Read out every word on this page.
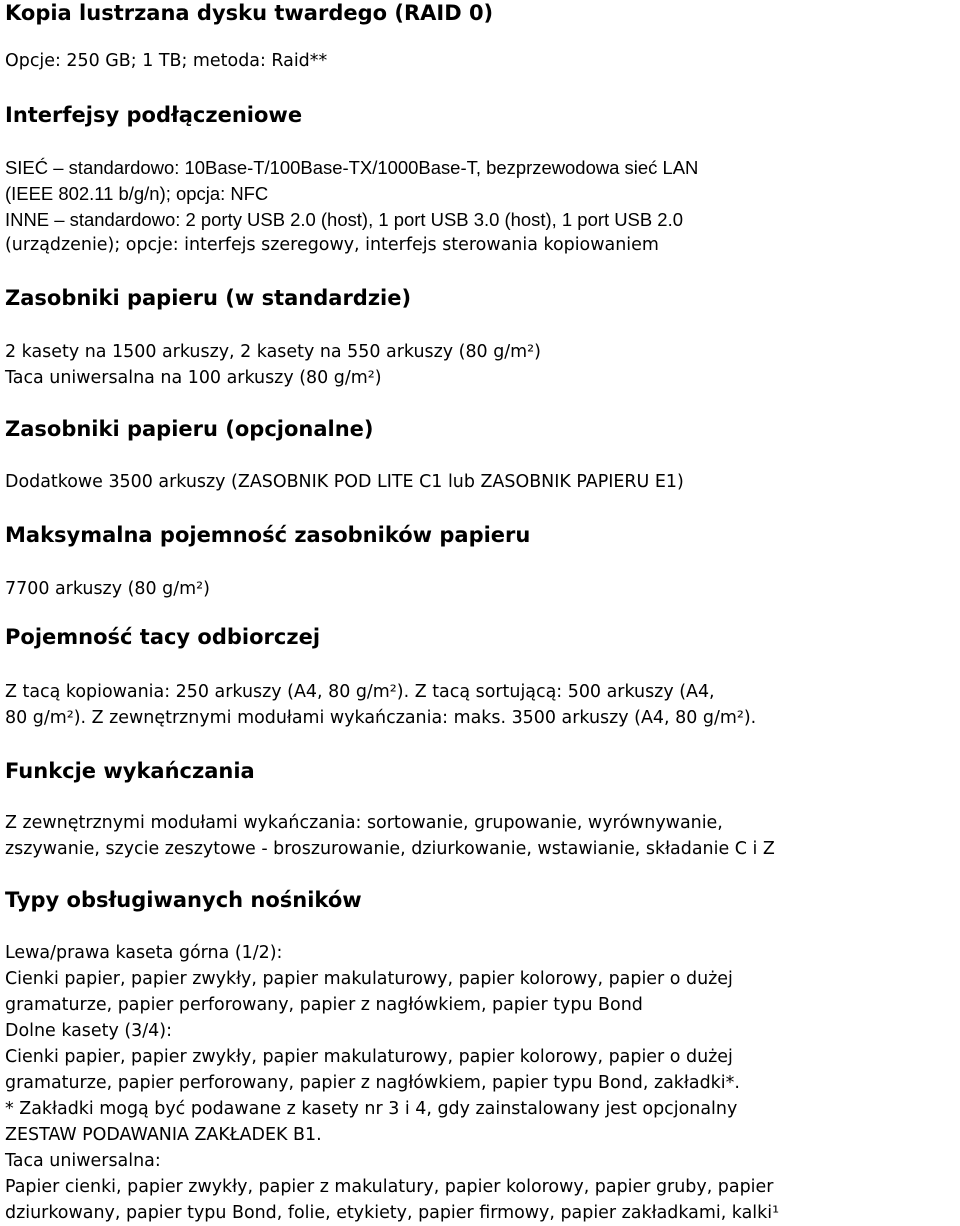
Kopia lustrzana dysku twardego (RAID 0)
Opcje: 250 GB; 1 TB; metoda: Raid**
Interfejsy podłączeniowe
SIEĆ – standardowo: 10Base-T/100Base-TX/1000Base-T, bezprzewodowa sieć LAN
(IEEE 802.11 b/g/n); opcja: NFC
INNE – standardowo: 2 porty USB 2.0 (host), 1 port USB 3.0 (host), 1 port USB 2.0
(urządzenie); opcje: interfejs szeregowy, interfejs sterowania kopiowaniem
Zasobniki papieru (w standardzie)
2 kasety na 1500 arkuszy, 2 kasety na 550 arkuszy (80 g/m²)
Taca uniwersalna na 100 arkuszy (80 g/m²)
Zasobniki papieru (opcjonalne)
Dodatkowe 3500 arkuszy (ZASOBNIK POD LITE C1 lub ZASOBNIK PAPIERU E1)
Maksymalna pojemność zasobników papieru
7700 arkuszy (80 g/m²)
Pojemność tacy odbiorczej
Z tacą kopiowania: 250 arkuszy (A4, 80 g/m²). Z tacą sortującą: 500 arkuszy (A4,
80 g/m²). Z zewnętrznymi modułami wykańczania: maks. 3500 arkuszy (A4, 80 g/m²).
Funkcje wykańczania
Z zewnętrznymi modułami wykańczania: sortowanie, grupowanie, wyrównywanie,
zszywanie, szycie zeszytowe - broszurowanie, dziurkowanie, wstawianie, składanie C i Z
Typy obsługiwanych nośników
Lewa/prawa kaseta górna (1/2):
Cienki papier, papier zwykły, papier makulaturowy, papier kolorowy, papier o dużej
gramaturze, papier perforowany, papier z nagłówkiem, papier typu Bond
Dolne kasety (3/4):
Cienki papier, papier zwykły, papier makulaturowy, papier kolorowy, papier o dużej
gramaturze, papier perforowany, papier z nagłówkiem, papier typu Bond, zakładki*.
* Zakładki mogą być podawane z kasety nr 3 i 4, gdy zainstalowany jest opcjonalny
ZESTAW PODAWANIA ZAKŁADEK B1.
Taca uniwersalna:
Papier cienki, papier zwykły, papier z makulatury, papier kolorowy, papier gruby, papier
dziurkowany, papier typu Bond, folie, etykiety, papier firmowy, papier zakładkami, kalki¹
